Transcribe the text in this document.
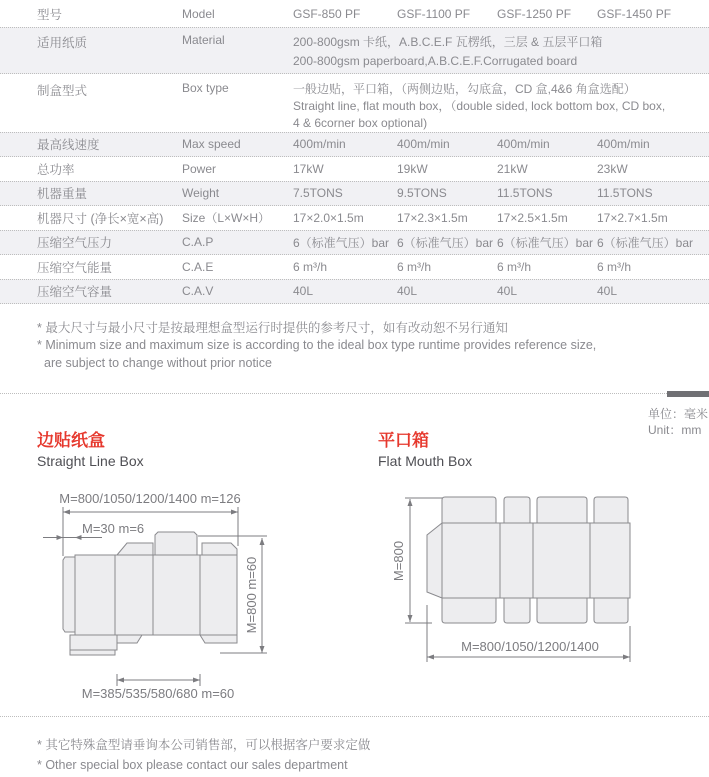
型号	Model	GSF-850 PF	GSF-1100 PF	GSF-1250 PF	GSF-1450 PF
适用纸质	Material	200-800gsm 卡纸，A.B.C.E.F 瓦楞纸，三层 & 五层平口箱
200-800gsm paperboard,A.B.C.E.F.Corrugated board
制盒型式	Box type	一般边贴，平口箱，（两侧边贴，勾底盒，CD 盒,4&6 角盒选配）
Straight line, flat mouth box，（double sided, lock bottom box, CD box,
4 & 6corner box optional)
最高线速度	Max speed	400m/min	400m/min	400m/min	400m/min
总功率	Power	17kW	19kW	21kW	23kW
机器重量	Weight	7.5TONS	9.5TONS	11.5TONS	11.5TONS
机器尺寸 (净长×宽×高)	Size（L×W×H）	17×2.0×1.5m	17×2.3×1.5m	17×2.5×1.5m	17×2.7×1.5m
压缩空气压力	C.A.P	6（标准气压）bar 6（标准气压）bar 6（标准气压）bar 6（标准气压）bar
压缩空气能量	C.A.E	6 m³/h	6 m³/h	6 m³/h	6 m³/h
压缩空气容量	C.A.V	40L	40L	40L	40L
* 最大尺寸与最小尺寸是按最理想盒型运行时提供的参考尺寸，如有改动恕不另行通知
* Minimum size and maximum size is according to the ideal box type runtime provides reference size,
are subject to change without prior notice
单位：毫米
Unit：mm
边贴纸盒
Straight Line Box
平口箱
Flat Mouth Box
M=800/1050/1200/1400 m=126
M=30 m=6
M=800 m=60
M=385/535/580/680 m=60
M=800
M=800/1050/1200/1400
* 其它特殊盒型请垂询本公司销售部，可以根据客户要求定做
* Other special box please contact our sales department
